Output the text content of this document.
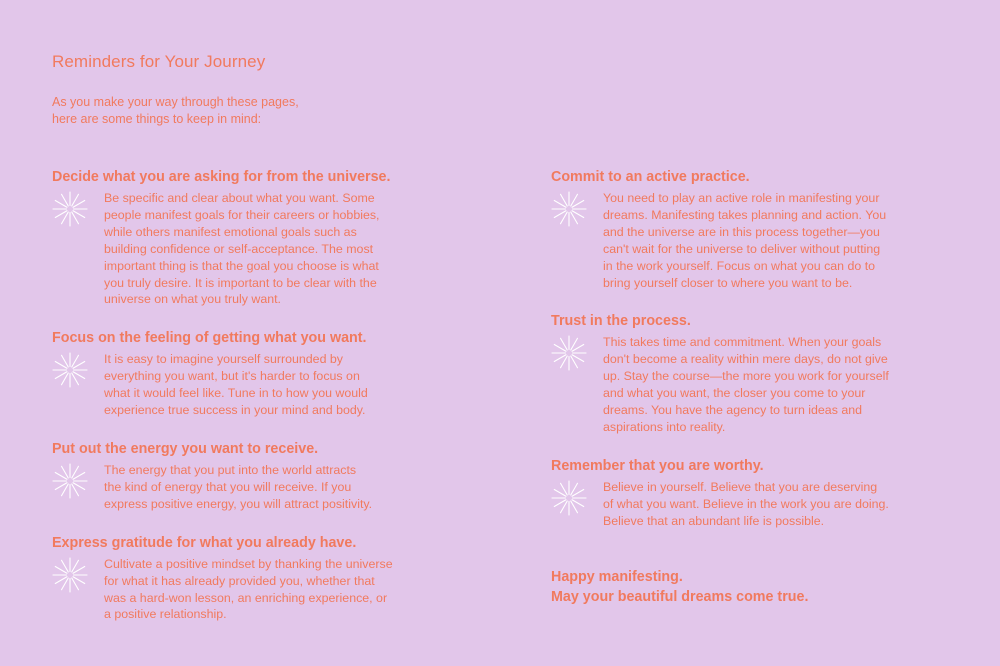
Reminders for Your Journey
As you make your way through these pages,
here are some things to keep in mind:
Decide what you are asking for from the universe.
Be specific and clear about what you want. Some
people manifest goals for their careers or hobbies,
while others manifest emotional goals such as
building confidence or self-acceptance. The most
important thing is that the goal you choose is what
you truly desire. It is important to be clear with the
universe on what you truly want.
Focus on the feeling of getting what you want.
It is easy to imagine yourself surrounded by
everything you want, but it's harder to focus on
what it would feel like. Tune in to how you would
experience true success in your mind and body.
Put out the energy you want to receive.
The energy that you put into the world attracts
the kind of energy that you will receive. If you
express positive energy, you will attract positivity.
Express gratitude for what you already have.
Cultivate a positive mindset by thanking the universe
for what it has already provided you, whether that
was a hard-won lesson, an enriching experience, or
a positive relationship.
Commit to an active practice.
You need to play an active role in manifesting your
dreams. Manifesting takes planning and action. You
and the universe are in this process together—you
can't wait for the universe to deliver without putting
in the work yourself. Focus on what you can do to
bring yourself closer to where you want to be.
Trust in the process.
This takes time and commitment. When your goals
don't become a reality within mere days, do not give
up. Stay the course—the more you work for yourself
and what you want, the closer you come to your
dreams. You have the agency to turn ideas and
aspirations into reality.
Remember that you are worthy.
Believe in yourself. Believe that you are deserving
of what you want. Believe in the work you are doing.
Believe that an abundant life is possible.
Happy manifesting.
May your beautiful dreams come true.
